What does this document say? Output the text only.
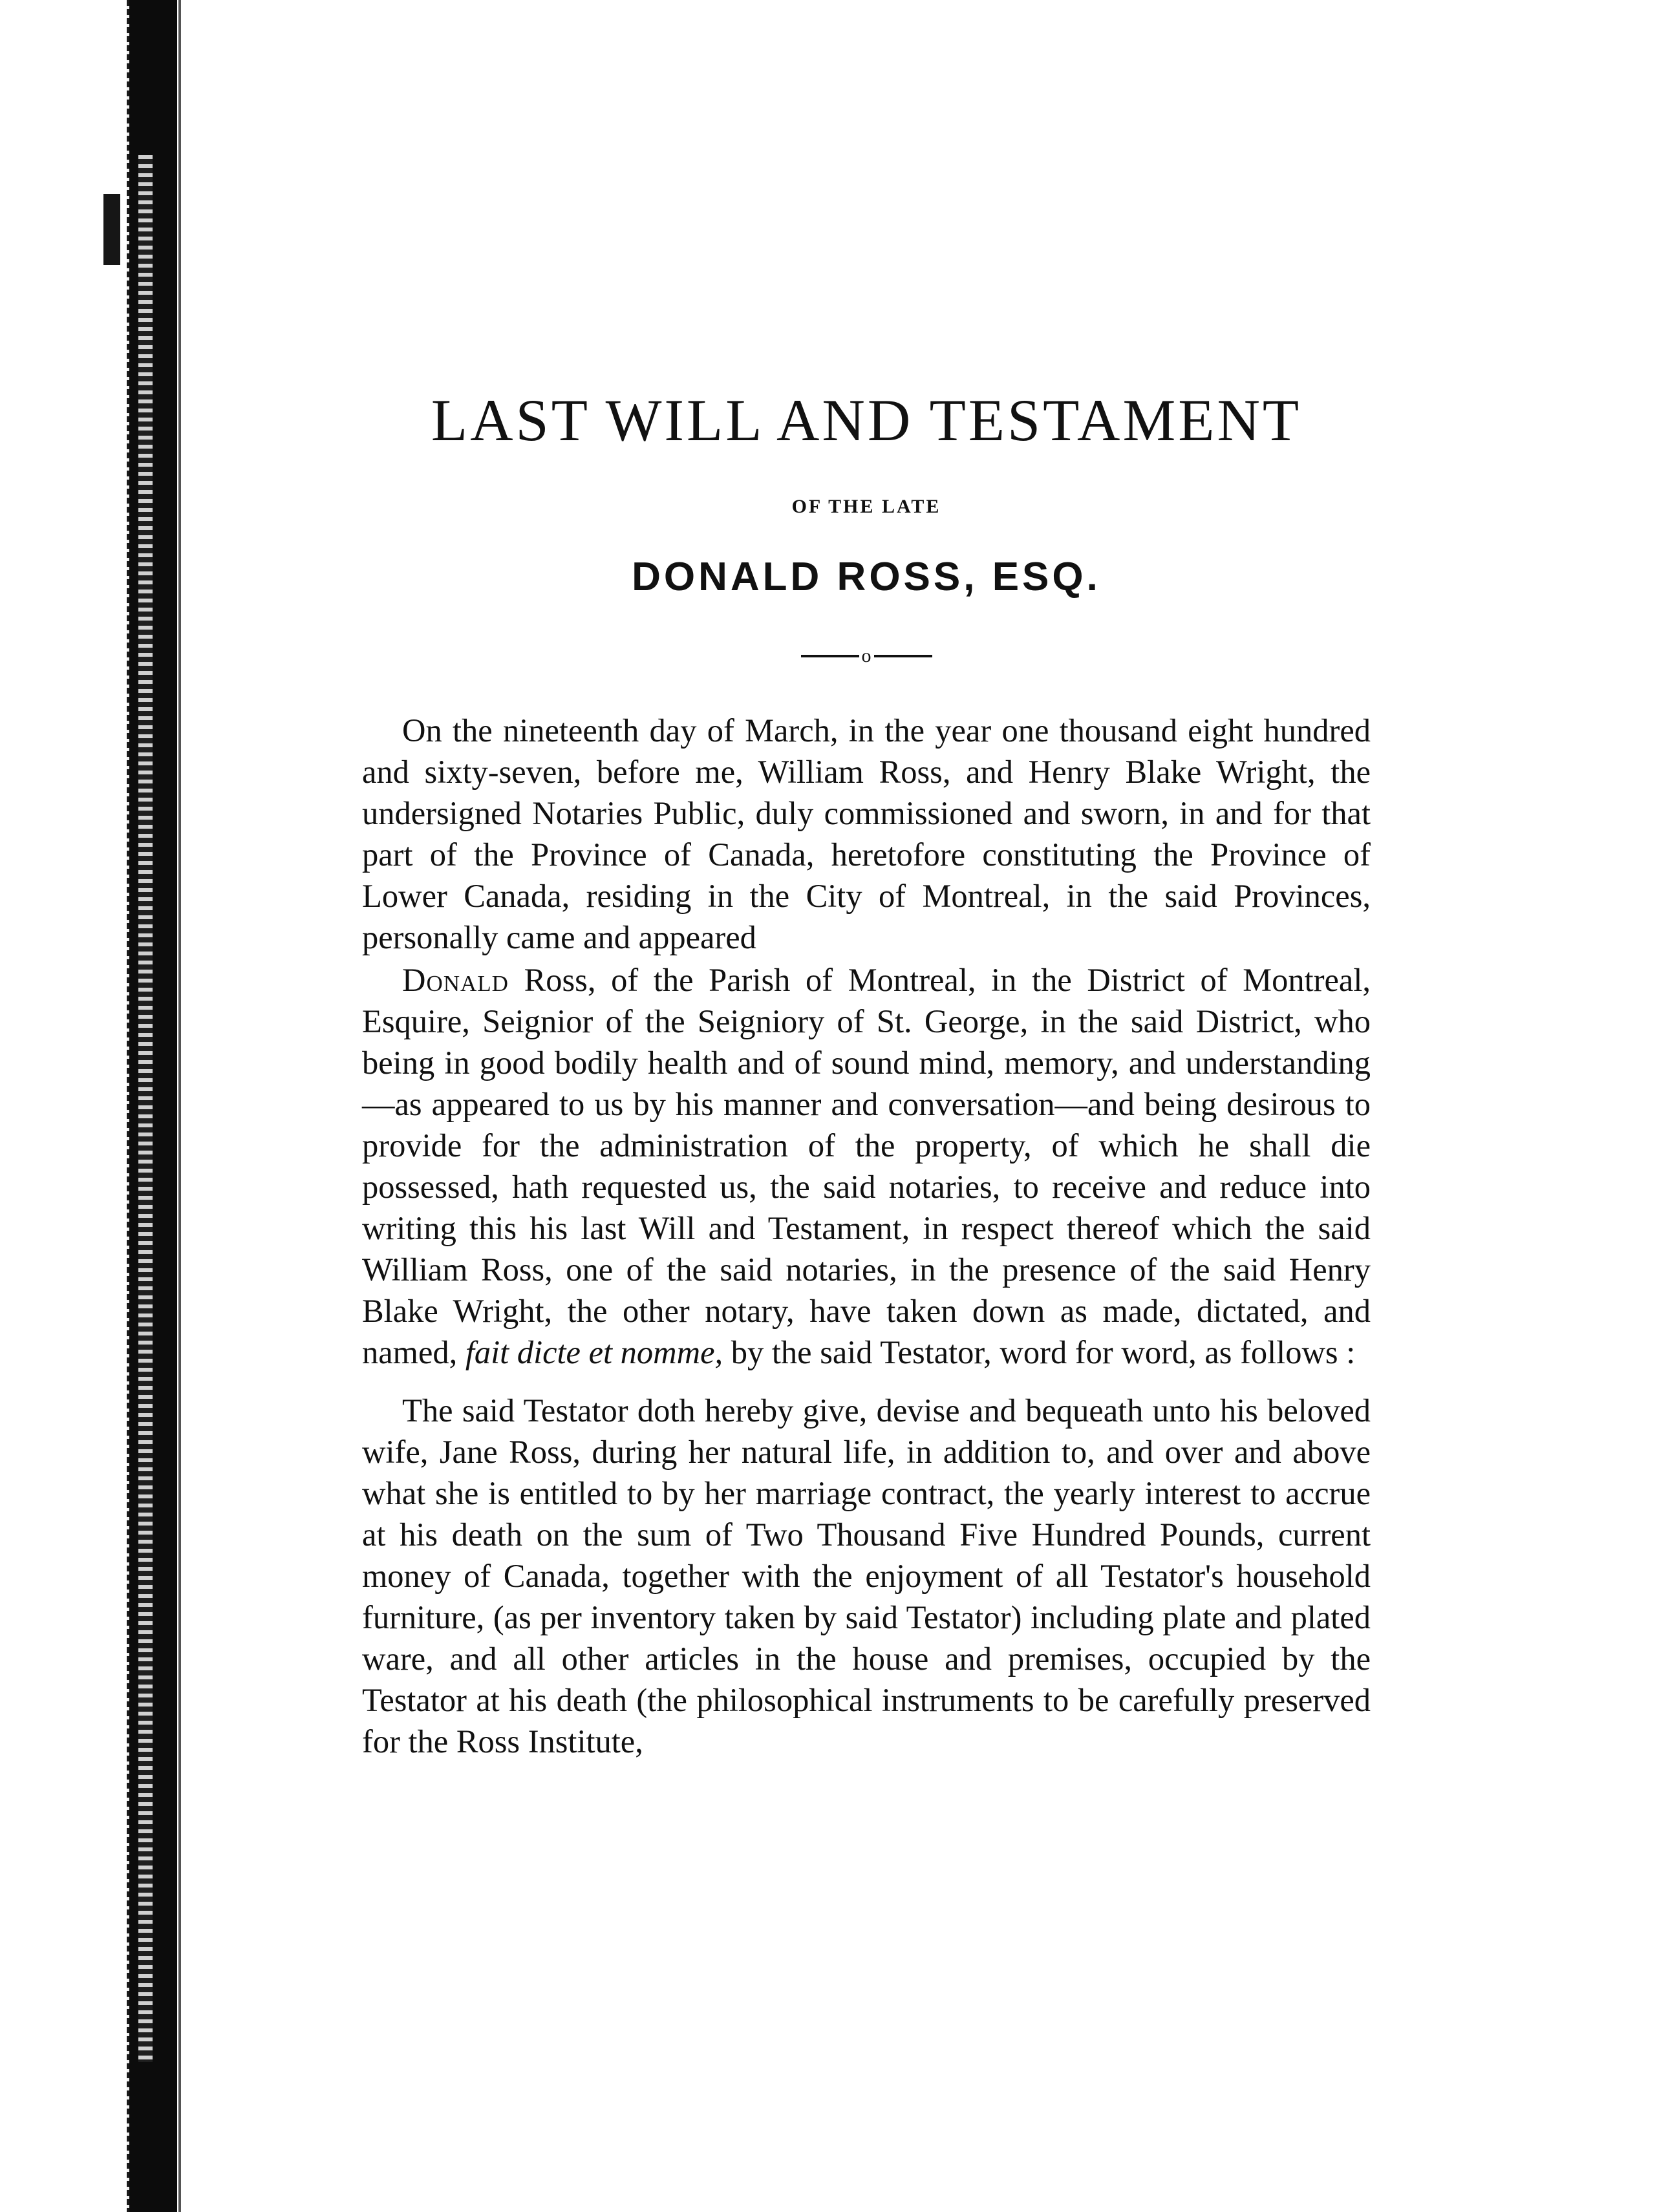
LAST WILL AND TESTAMENT
OF THE LATE
DONALD ROSS, ESQ.
o

On the nineteenth day of March, in the year one thousand eight hundred and sixty-seven, before me, William Ross, and Henry Blake Wright, the undersigned Notaries Public, duly commissioned and sworn, in and for that part of the Province of Canada, heretofore constituting the Province of Lower Canada, residing in the City of Montreal, in the said Provinces, personally came and appeared

Donald Ross, of the Parish of Montreal, in the District of Montreal, Esquire, Seignior of the Seigniory of St. George, in the said District, who being in good bodily health and of sound mind, memory, and understanding—as appeared to us by his manner and conversation—and being desirous to provide for the administration of the property, of which he shall die possessed, hath requested us, the said notaries, to receive and reduce into writing this his last Will and Testament, in respect thereof which the said William Ross, one of the said notaries, in the presence of the said Henry Blake Wright, the other notary, have taken down as made, dictated, and named, fait dicte et nomme, by the said Testator, word for word, as follows :

The said Testator doth hereby give, devise and bequeath unto his beloved wife, Jane Ross, during her natural life, in addition to, and over and above what she is entitled to by her marriage contract, the yearly interest to accrue at his death on the sum of Two Thousand Five Hundred Pounds, current money of Canada, together with the enjoyment of all Testator's household furniture, (as per inventory taken by said Testator) including plate and plated ware, and all other articles in the house and premises, occupied by the Testator at his death (the philosophical instruments to be carefully preserved for the Ross Institute,
